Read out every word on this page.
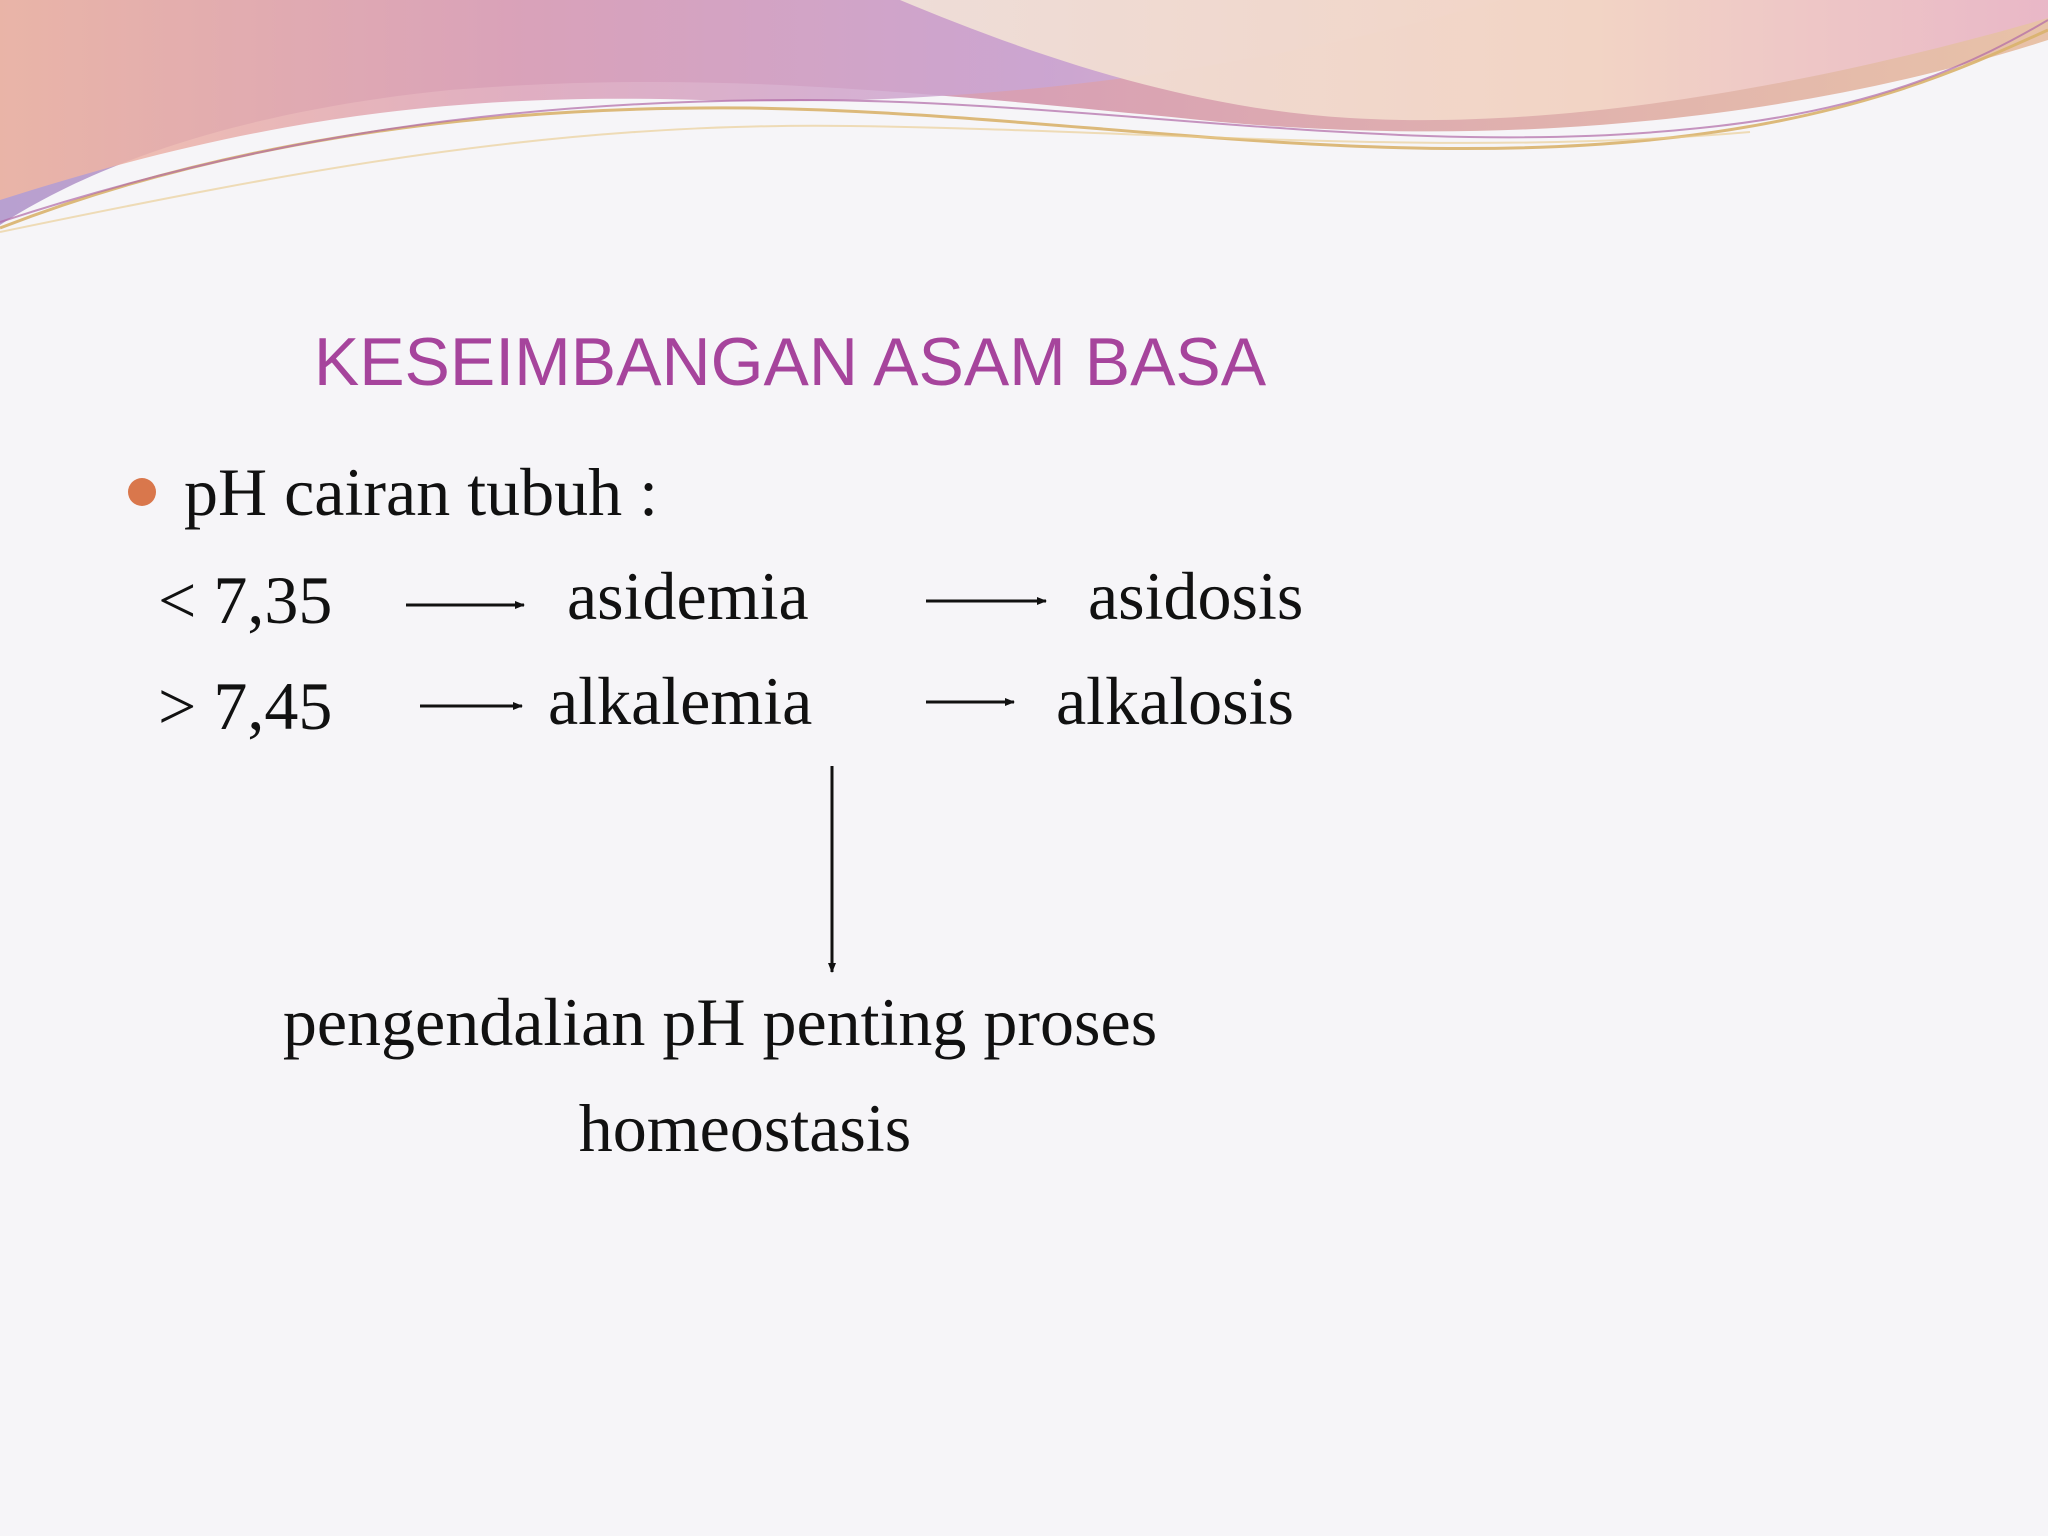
KESEIMBANGAN ASAM BASA
pH cairan tubuh :
< 7,35	asidemia	asidosis
> 7,45	alkalemia	alkalosis
pengendalian pH penting proses
homeostasis
